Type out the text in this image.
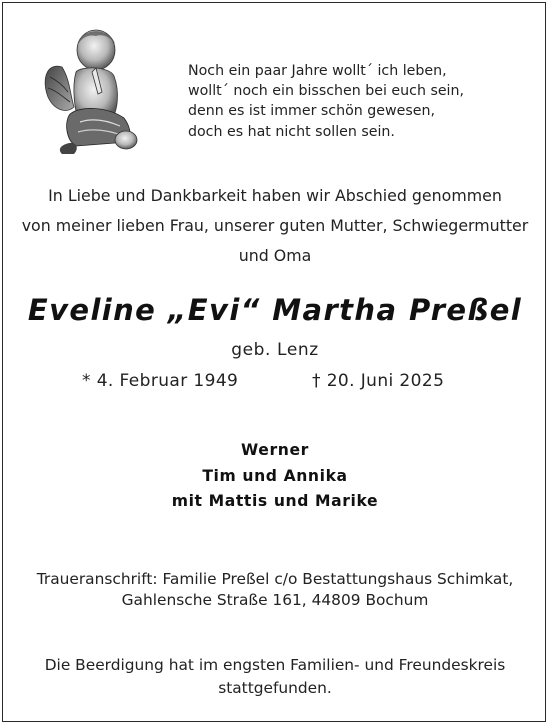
Noch ein paar Jahre wollt´ ich leben,
wollt´ noch ein bisschen bei euch sein,
denn es ist immer schön gewesen,
doch es hat nicht sollen sein.
In Liebe und Dankbarkeit haben wir Abschied genommen
von meiner lieben Frau, unserer guten Mutter, Schwiegermutter
und Oma
Eveline „Evi“ Martha Preßel
geb. Lenz
* 4. Februar 1949	† 20. Juni 2025
Werner
Tim und Annika
mit Mattis und Marike
Traueranschrift: Familie Preßel c/o Bestattungshaus Schimkat,
Gahlensche Straße 161, 44809 Bochum
Die Beerdigung hat im engsten Familien- und Freundeskreis
stattgefunden.
